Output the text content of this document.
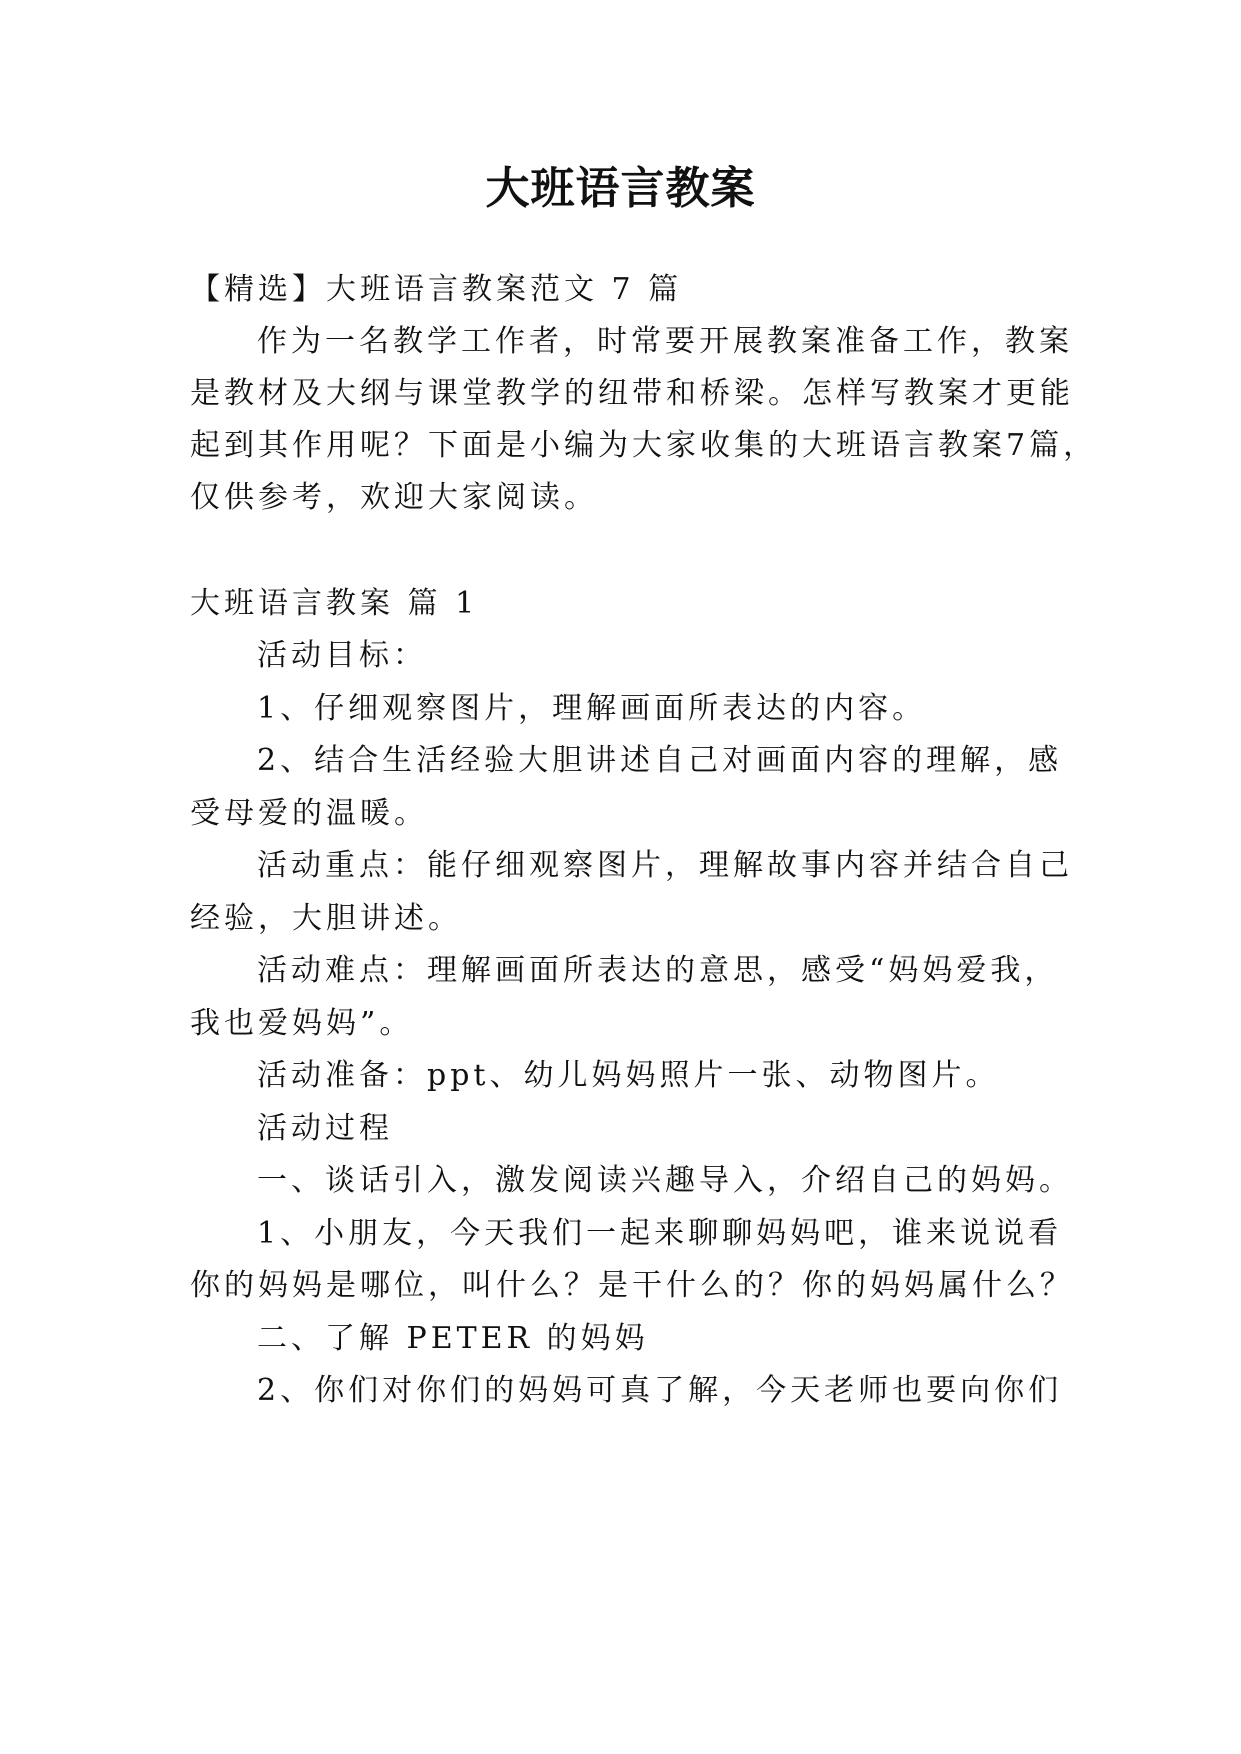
大班语言教案
【精选】大班语言教案范文 7 篇
作为一名教学工作者，时常要开展教案准备工作，教案
是教材及大纲与课堂教学的纽带和桥梁。怎样写教案才更能
起到其作用呢？下面是小编为大家收集的大班语言教案7篇，
仅供参考，欢迎大家阅读。
大班语言教案 篇 1
活动目标：
1、仔细观察图片，理解画面所表达的内容。
2、结合生活经验大胆讲述自己对画面内容的理解，感
受母爱的温暖。
活动重点：能仔细观察图片，理解故事内容并结合自己
经验，大胆讲述。
活动难点：理解画面所表达的意思，感受“妈妈爱我，
我也爱妈妈”。
活动准备：ppt、幼儿妈妈照片一张、动物图片。
活动过程
一、谈话引入，激发阅读兴趣导入，介绍自己的妈妈。
1、小朋友，今天我们一起来聊聊妈妈吧，谁来说说看
你的妈妈是哪位，叫什么？是干什么的？你的妈妈属什么？
二、了解 PETER 的妈妈
2、你们对你们的妈妈可真了解，今天老师也要向你们
